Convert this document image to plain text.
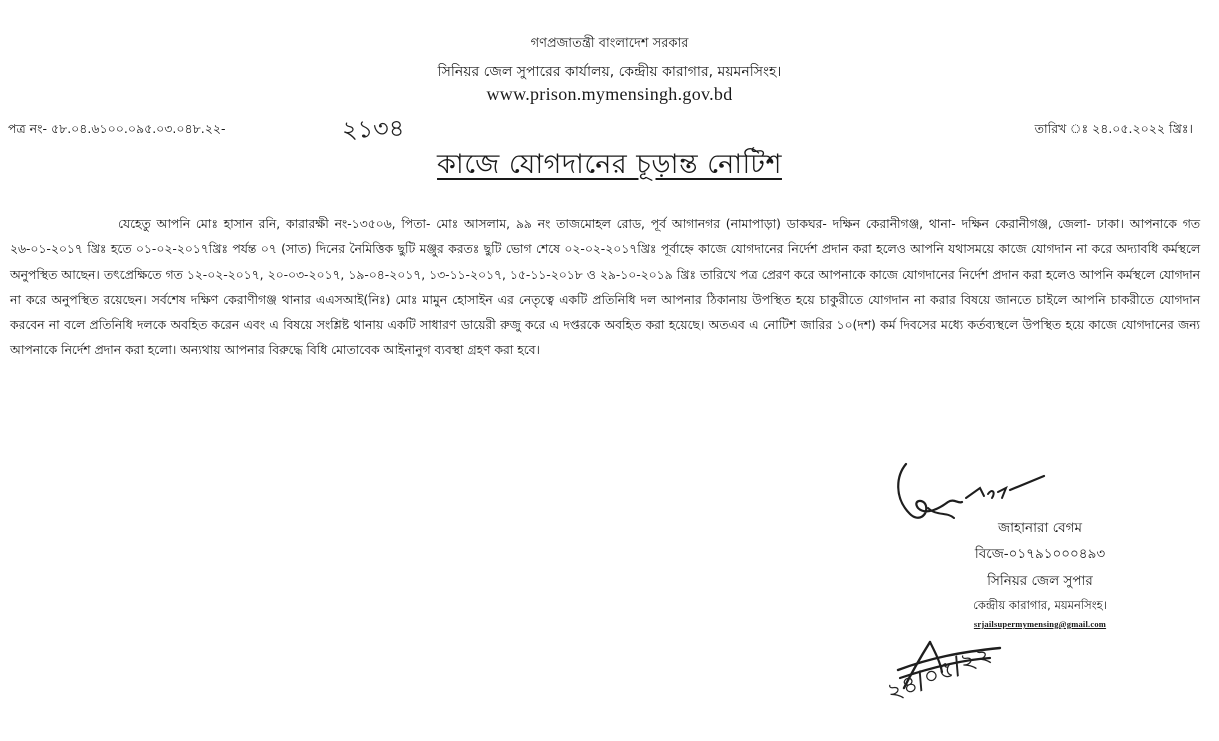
গণপ্রজাতন্ত্রী বাংলাদেশ সরকার
সিনিয়র জেল সুপারের কার্যালয়, কেন্দ্রীয় কারাগার, ময়মনসিংহ।
www.prison.mymensingh.gov.bd
পত্র নং- ৫৮.০৪.৬১০০.০৯৫.০৩.০৪৮.২২-	২১৩৪	তারিখ ঃ ২৪.০৫.২০২২ খ্রিঃ।
কাজে যোগদানের চূড়ান্ত নোটিশ

যেহেতু আপনি মোঃ হাসান রনি, কারারক্ষী নং-১৩৫০৬, পিতা- মোঃ আসলাম, ৯৯ নং তাজমোহল রোড, পূর্ব আগানগর (নামাপাড়া) ডাকঘর- দক্ষিন কেরানীগঞ্জ, থানা- দক্ষিন কেরানীগঞ্জ, জেলা- ঢাকা। আপনাকে গত ২৬-০১-২০১৭ খ্রিঃ হতে ০১-০২-২০১৭খ্রিঃ পর্যন্ত ০৭ (সাত) দিনের নৈমিত্তিক ছুটি মঞ্জুর করতঃ ছুটি ভোগ শেষে ০২-০২-২০১৭খ্রিঃ পূর্বাহ্নে কাজে যোগদানের নির্দেশ প্রদান করা হলেও আপনি যথাসময়ে কাজে যোগদান না করে অদ্যাবধি কর্মস্থলে অনুপস্থিত আছেন। তৎপ্রেক্ষিতে গত ১২-০২-২০১৭, ২০-০৩-২০১৭, ১৯-০৪-২০১৭, ১৩-১১-২০১৭, ১৫-১১-২০১৮ ও ২৯-১০-২০১৯ খ্রিঃ তারিখে পত্র প্রেরণ করে আপনাকে কাজে যোগদানের নির্দেশ প্রদান করা হলেও আপনি কর্মস্থলে যোগদান না করে অনুপস্থিত রয়েছেন। সর্বশেষ দক্ষিণ কেরাণীগঞ্জ থানার এএসআই(নিঃ) মোঃ মামুন হোসাইন এর নেতৃত্বে একটি প্রতিনিধি দল আপনার ঠিকানায় উপস্থিত হয়ে চাকুরীতে যোগদান না করার বিষয়ে জানতে চাইলে আপনি চাকরীতে যোগদান করবেন না বলে প্রতিনিধি দলকে অবহিত করেন এবং এ বিষয়ে সংশ্লিষ্ট থানায় একটি সাধারণ ডায়েরী রুজু করে এ দপ্তরকে অবহিত করা হয়েছে। অতএব এ নোটিশ জারির ১০(দশ) কর্ম দিবসের মধ্যে কর্তব্যস্থলে উপস্থিত হয়ে কাজে যোগদানের জন্য আপনাকে নির্দেশ প্রদান করা হলো। অন্যথায় আপনার বিরুদ্ধে বিধি মোতাবেক আইনানুগ ব্যবস্থা গ্রহণ করা হবে।

জাহানারা বেগম
বিজে-০১৭৯১০০০৪৯৩
সিনিয়র জেল সুপার
কেন্দ্রীয় কারাগার, ময়মনসিংহ।
srjailsupermymensing@gmail.com
২৪/০৫/২২
